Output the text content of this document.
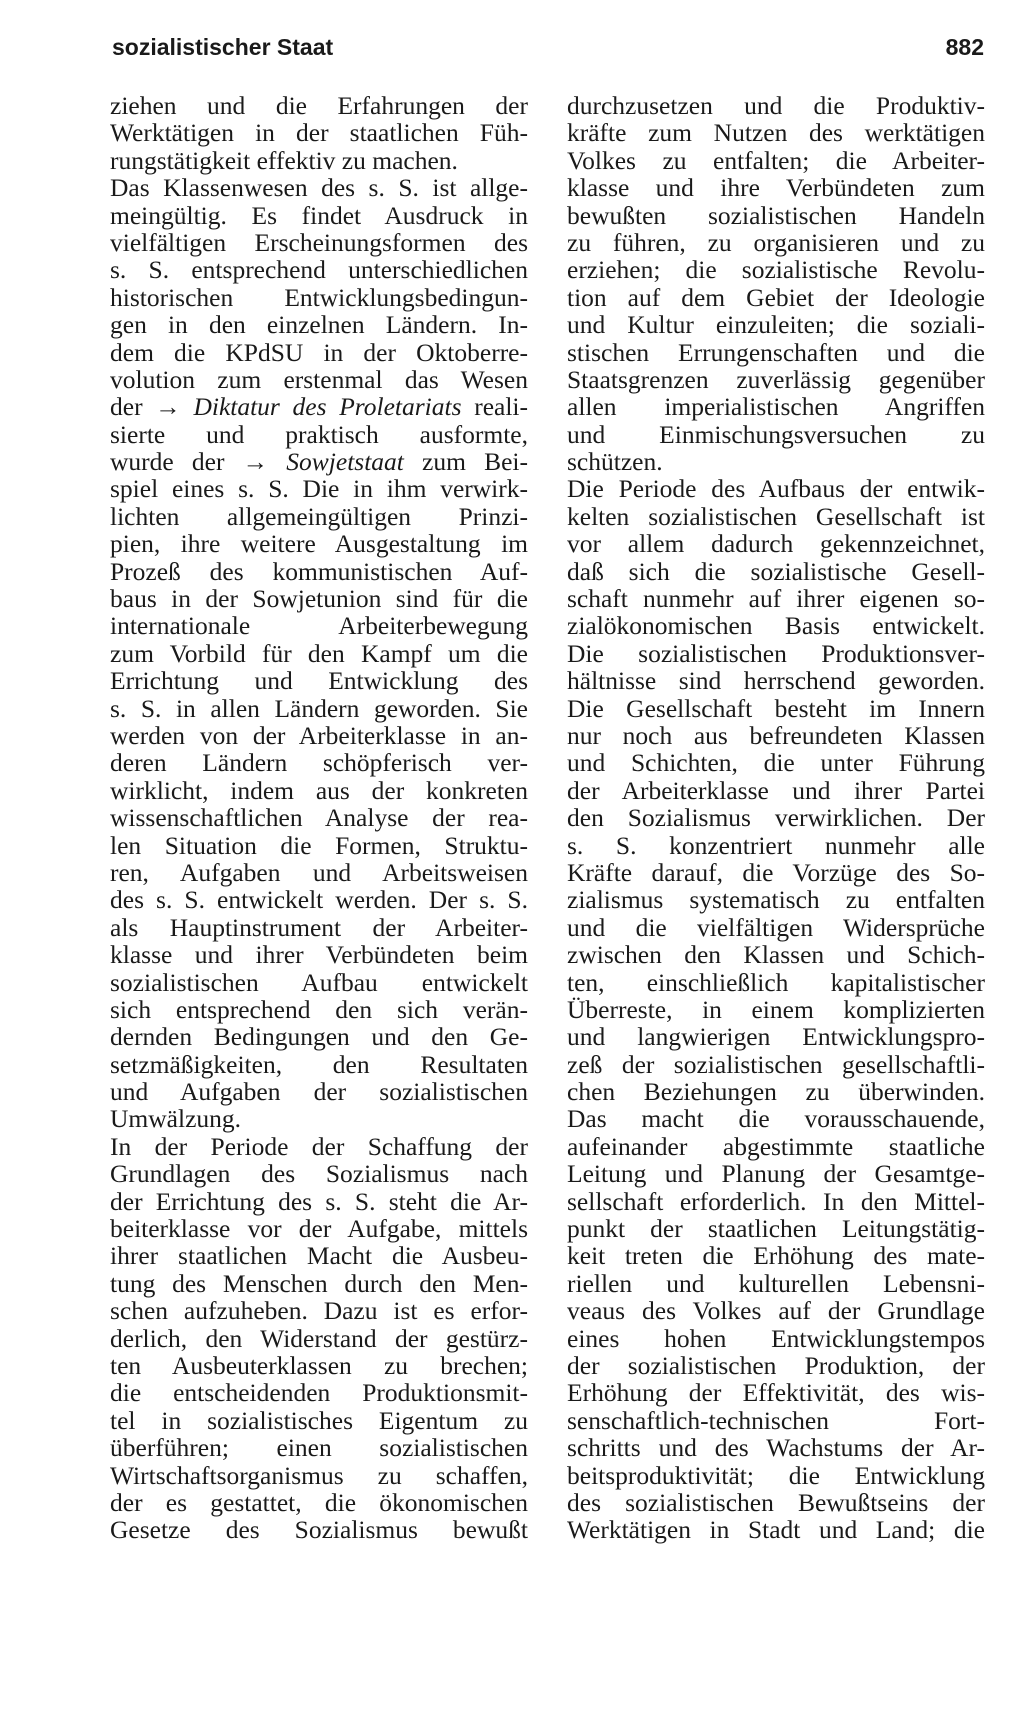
sozialistischer Staat	882
ziehen und die Erfahrungen der
Werktätigen in der staatlichen Füh-
rungstätigkeit effektiv zu machen.
Das Klassenwesen des s. S. ist allge-
meingültig. Es findet Ausdruck in
vielfältigen Erscheinungsformen des
s. S. entsprechend unterschiedlichen
historischen Entwicklungsbedingun-
gen in den einzelnen Ländern. In-
dem die KPdSU in der Oktoberre-
volution zum erstenmal das Wesen
der → Diktatur des Proletariats reali-
sierte und praktisch ausformte,
wurde der → Sowjetstaat zum Bei-
spiel eines s. S. Die in ihm verwirk-
lichten allgemeingültigen Prinzi-
pien, ihre weitere Ausgestaltung im
Prozeß des kommunistischen Auf-
baus in der Sowjetunion sind für die
internationale Arbeiterbewegung
zum Vorbild für den Kampf um die
Errichtung und Entwicklung des
s. S. in allen Ländern geworden. Sie
werden von der Arbeiterklasse in an-
deren Ländern schöpferisch ver-
wirklicht, indem aus der konkreten
wissenschaftlichen Analyse der rea-
len Situation die Formen, Struktu-
ren, Aufgaben und Arbeitsweisen
des s. S. entwickelt werden. Der s. S.
als Hauptinstrument der Arbeiter-
klasse und ihrer Verbündeten beim
sozialistischen Aufbau entwickelt
sich entsprechend den sich verän-
dernden Bedingungen und den Ge-
setzmäßigkeiten, den Resultaten
und Aufgaben der sozialistischen
Umwälzung.
In der Periode der Schaffung der
Grundlagen des Sozialismus nach
der Errichtung des s. S. steht die Ar-
beiterklasse vor der Aufgabe, mittels
ihrer staatlichen Macht die Ausbeu-
tung des Menschen durch den Men-
schen aufzuheben. Dazu ist es erfor-
derlich, den Widerstand der gestürz-
ten Ausbeuterklassen zu brechen;
die entscheidenden Produktionsmit-
tel in sozialistisches Eigentum zu
überführen; einen sozialistischen
Wirtschaftsorganismus zu schaffen,
der es gestattet, die ökonomischen
Gesetze des Sozialismus bewußt
durchzusetzen und die Produktiv-
kräfte zum Nutzen des werktätigen
Volkes zu entfalten; die Arbeiter-
klasse und ihre Verbündeten zum
bewußten sozialistischen Handeln
zu führen, zu organisieren und zu
erziehen; die sozialistische Revolu-
tion auf dem Gebiet der Ideologie
und Kultur einzuleiten; die soziali-
stischen Errungenschaften und die
Staatsgrenzen zuverlässig gegenüber
allen imperialistischen Angriffen
und Einmischungsversuchen zu
schützen.
Die Periode des Aufbaus der entwik-
kelten sozialistischen Gesellschaft ist
vor allem dadurch gekennzeichnet,
daß sich die sozialistische Gesell-
schaft nunmehr auf ihrer eigenen so-
zialökonomischen Basis entwickelt.
Die sozialistischen Produktionsver-
hältnisse sind herrschend geworden.
Die Gesellschaft besteht im Innern
nur noch aus befreundeten Klassen
und Schichten, die unter Führung
der Arbeiterklasse und ihrer Partei
den Sozialismus verwirklichen. Der
s. S. konzentriert nunmehr alle
Kräfte darauf, die Vorzüge des So-
zialismus systematisch zu entfalten
und die vielfältigen Widersprüche
zwischen den Klassen und Schich-
ten, einschließlich kapitalistischer
Überreste, in einem komplizierten
und langwierigen Entwicklungspro-
zeß der sozialistischen gesellschaftli-
chen Beziehungen zu überwinden.
Das macht die vorausschauende,
aufeinander abgestimmte staatliche
Leitung und Planung der Gesamtge-
sellschaft erforderlich. In den Mittel-
punkt der staatlichen Leitungstätig-
keit treten die Erhöhung des mate-
riellen und kulturellen Lebensni-
veaus des Volkes auf der Grundlage
eines hohen Entwicklungstempos
der sozialistischen Produktion, der
Erhöhung der Effektivität, des wis-
senschaftlich-technischen Fort-
schritts und des Wachstums der Ar-
beitsproduktivität; die Entwicklung
des sozialistischen Bewußtseins der
Werktätigen in Stadt und Land; die
